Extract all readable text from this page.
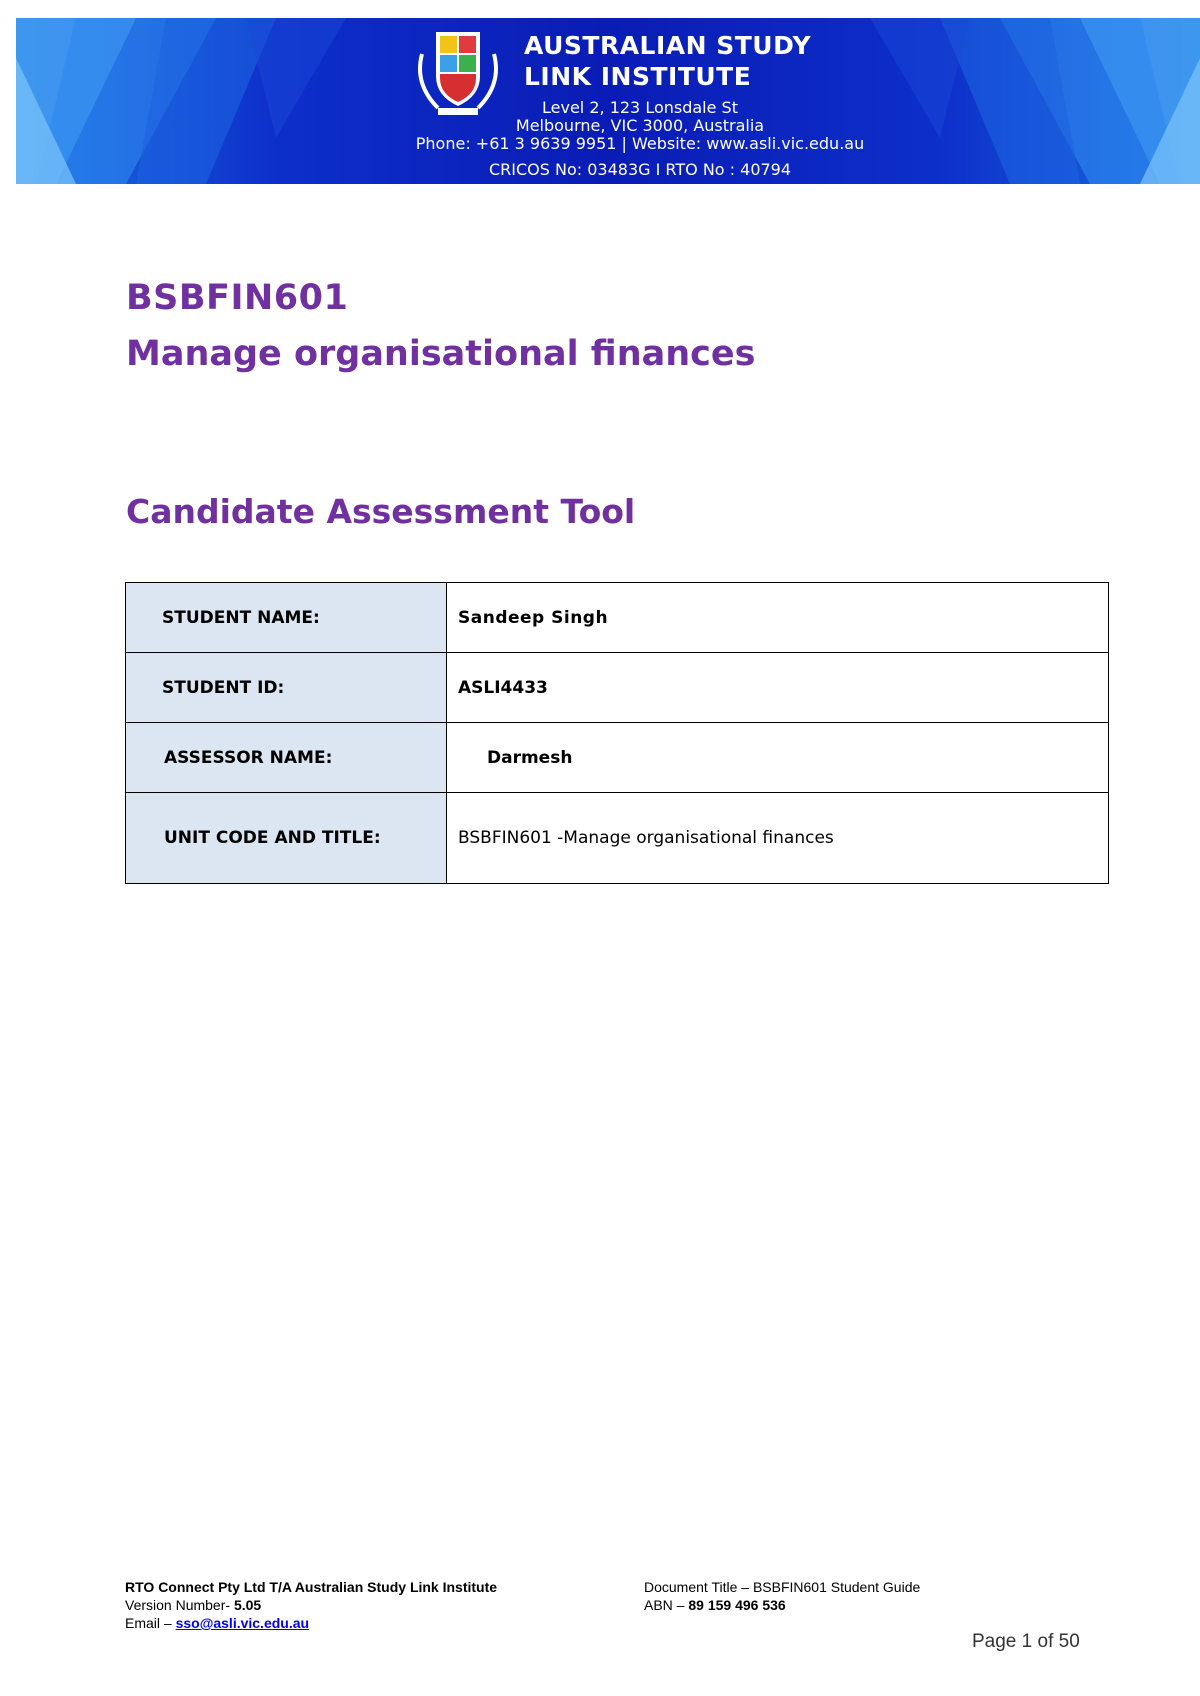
AUSTRALIAN STUDY
LINK INSTITUTE
Level 2, 123 Lonsdale St
Melbourne, VIC 3000, Australia
Phone: +61 3 9639 9951 | Website: www.asli.vic.edu.au
CRICOS No: 03483G I RTO No : 40794
BSBFIN601
Manage organisational finances
Candidate Assessment Tool
STUDENT NAME:	Sandeep Singh
STUDENT ID:	ASLI4433
ASSESSOR NAME:	Darmesh
UNIT CODE AND TITLE:	BSBFIN601 -Manage organisational finances
RTO Connect Pty Ltd T/A Australian Study Link Institute
Version Number- 5.05
Email – sso@asli.vic.edu.au
Document Title – BSBFIN601 Student Guide
ABN – 89 159 496 536
Page 1 of 50
